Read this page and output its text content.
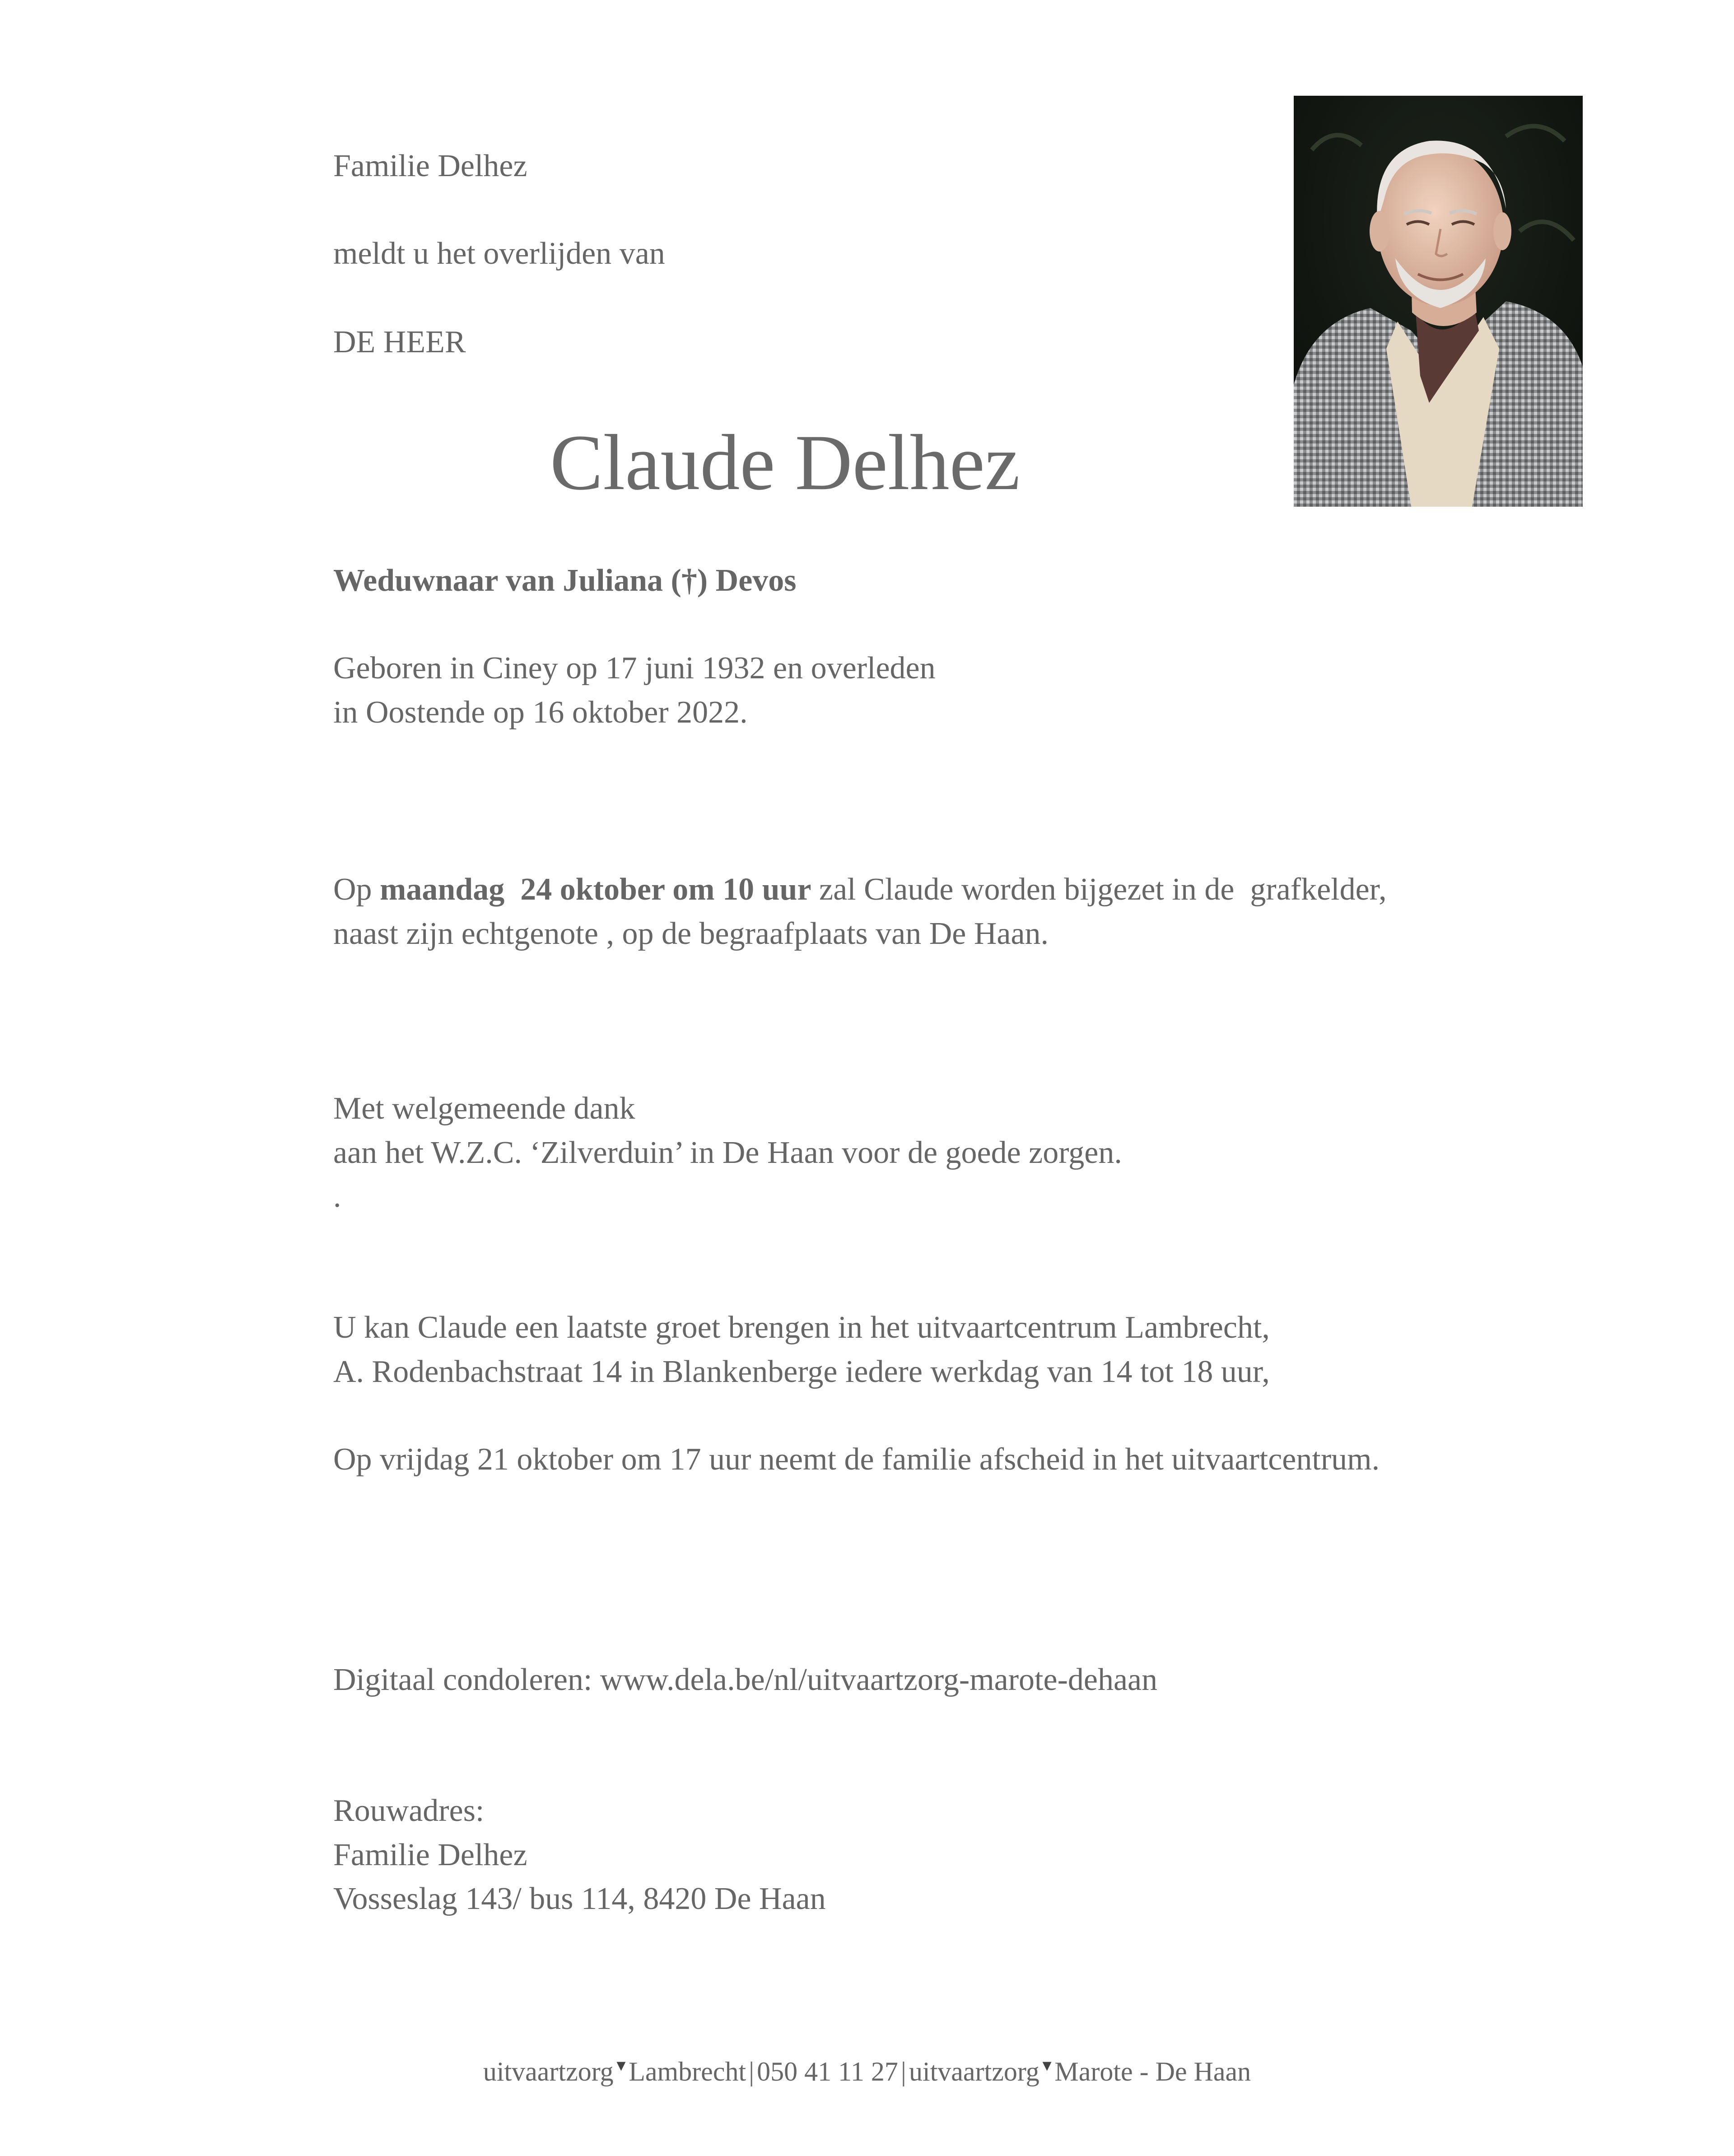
Familie Delhez

meldt u het overlijden van

DE HEER

Claude Delhez

Weduwnaar van Juliana (†) Devos

Geboren in Ciney op 17 juni 1932 en overleden

in Oostende op 16 oktober 2022.

Op maandag  24 oktober om 10 uur zal Claude worden bijgezet in de  grafkelder,

naast zijn echtgenote , op de begraafplaats van De Haan.

Met welgemeende dank

aan het W.Z.C. ‘Zilverduin’ in De Haan voor de goede zorgen.

.

U kan Claude een laatste groet brengen in het uitvaartcentrum Lambrecht,

A. Rodenbachstraat 14 in Blankenberge iedere werkdag van 14 tot 18 uur,

Op vrijdag 21 oktober om 17 uur neemt de familie afscheid in het uitvaartcentrum.

Digitaal condoleren: www.dela.be/nl/uitvaartzorg-marote-dehaan

Rouwadres:

Familie Delhez

Vosseslag 143/ bus 114, 8420 De Haan

uitvaartzorg▼Lambrecht | 050 41 11 27 | uitvaartzorg▼Marote - De Haan
